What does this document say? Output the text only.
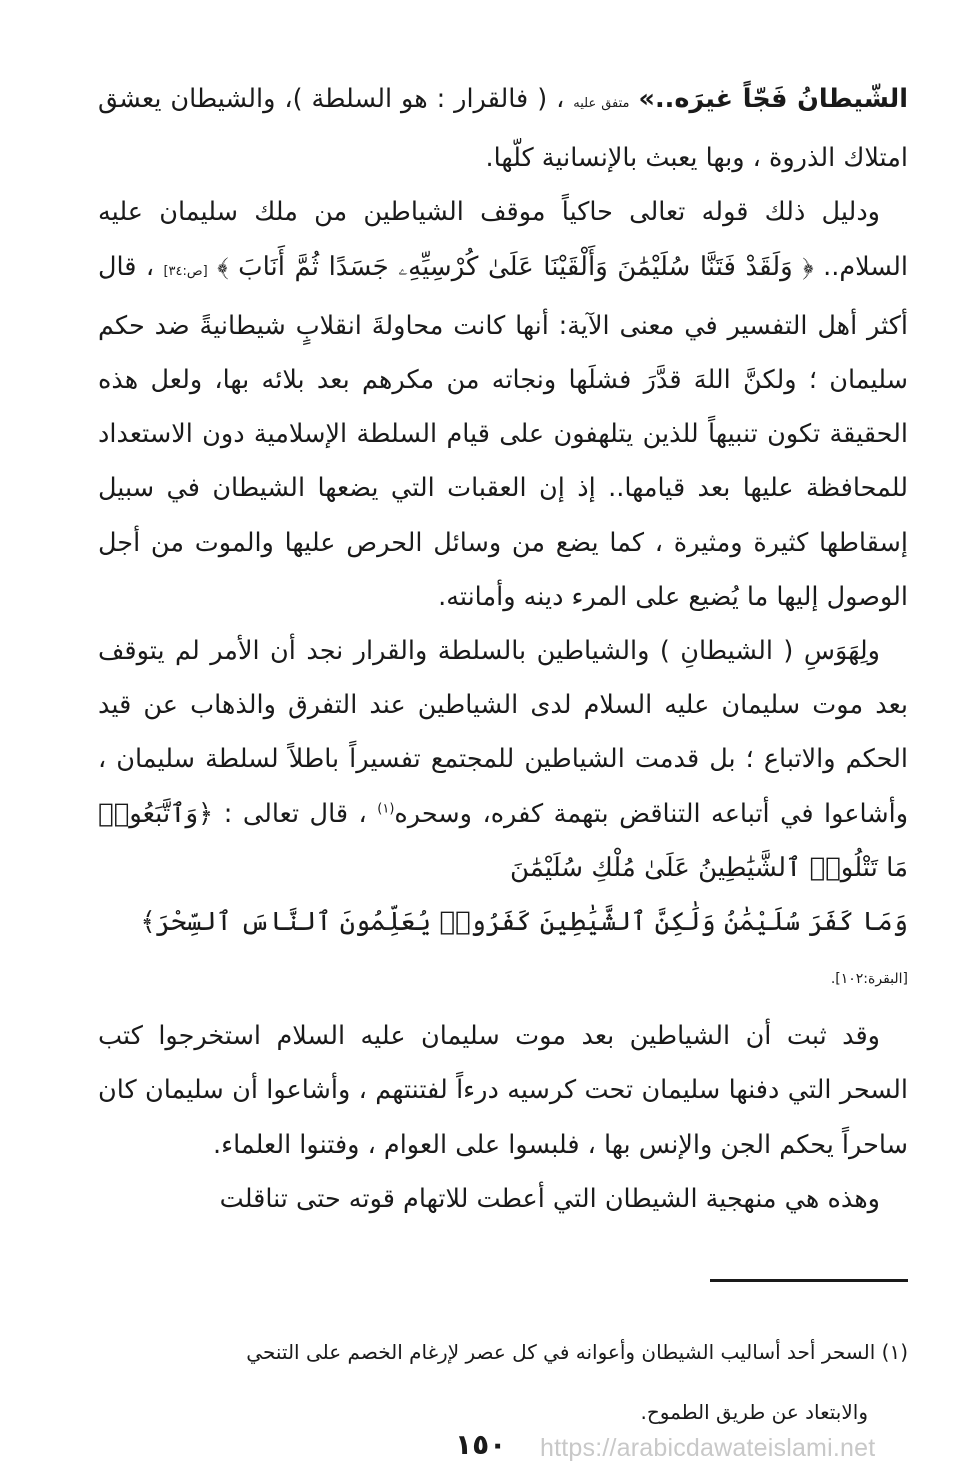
الشّيطانُ فَجّاً غيرَه..» متفق عليه ، ( فالقرار : هو السلطة )، والشيطان يعشق امتلاك الذروة ، وبها يعبث بالإنسانية كلّها.

ودليل ذلك قوله تعالى حاكياً موقف الشياطين من ملك سليمان عليه السلام.. ﴿ وَلَقَدْ فَتَنَّا سُلَيْمَٰنَ وَأَلْقَيْنَا عَلَىٰ كُرْسِيِّهِۦ جَسَدًا ثُمَّ أَنَابَ ﴾ [ص:٣٤] ، قال أكثر أهل التفسير في معنى الآية: أنها كانت محاولةَ انقلابٍ شيطانيةً ضد حكم سليمان ؛ ولكنَّ اللهَ قدَّرَ فشلَها ونجاته من مكرهم بعد بلائه بها، ولعل هذه الحقيقة تكون تنبيهاً للذين يتلهفون على قيام السلطة الإسلامية دون الاستعداد للمحافظة عليها بعد قيامها.. إذ إن العقبات التي يضعها الشيطان في سبيل إسقاطها كثيرة ومثيرة ، كما يضع من وسائل الحرص عليها والموت من أجل الوصول إليها ما يُضيع على المرء دينه وأمانته.

ولِهَوَسِ ( الشيطانِ ) والشياطين بالسلطة والقرار نجد أن الأمر لم يتوقف بعد موت سليمان عليه السلام لدى الشياطين عند التفرق والذهاب عن قيد الحكم والاتباع ؛ بل قدمت الشياطين للمجتمع تفسيراً باطلاً لسلطة سليمان ، وأشاعوا في أتباعه التناقض بتهمة كفره، وسحره$^{(١)}$ ، قال تعالى : ﴿وَٱتَّبَعُوا۟ مَا تَتْلُوا۟ ٱلشَّيَٰطِينُ عَلَىٰ مُلْكِ سُلَيْمَٰنَ

وَمَا كَفَرَ سُلَيْمَٰنُ وَلَٰكِنَّ ٱلشَّيَٰطِينَ كَفَرُوا۟ يُعَلِّمُونَ ٱلنَّاسَ ٱلسِّحْرَ﴾

[البقرة:١٠٢].

وقد ثبت أن الشياطين بعد موت سليمان عليه السلام استخرجوا كتب السحر التي دفنها سليمان تحت كرسيه درءاً لفتنتهم ، وأشاعوا أن سليمان كان ساحراً يحكم الجن والإنس بها ، فلبسوا على العوام ، وفتنوا العلماء.

وهذه هي منهجية الشيطان التي أعطت للاتهام قوته حتى تناقلت

(١) السحر أحد أساليب الشيطان وأعوانه في كل عصر لإرغام الخصم على التنحي

والابتعاد عن طريق الطموح.

١٥٠ https://arabicdawateislami.net
